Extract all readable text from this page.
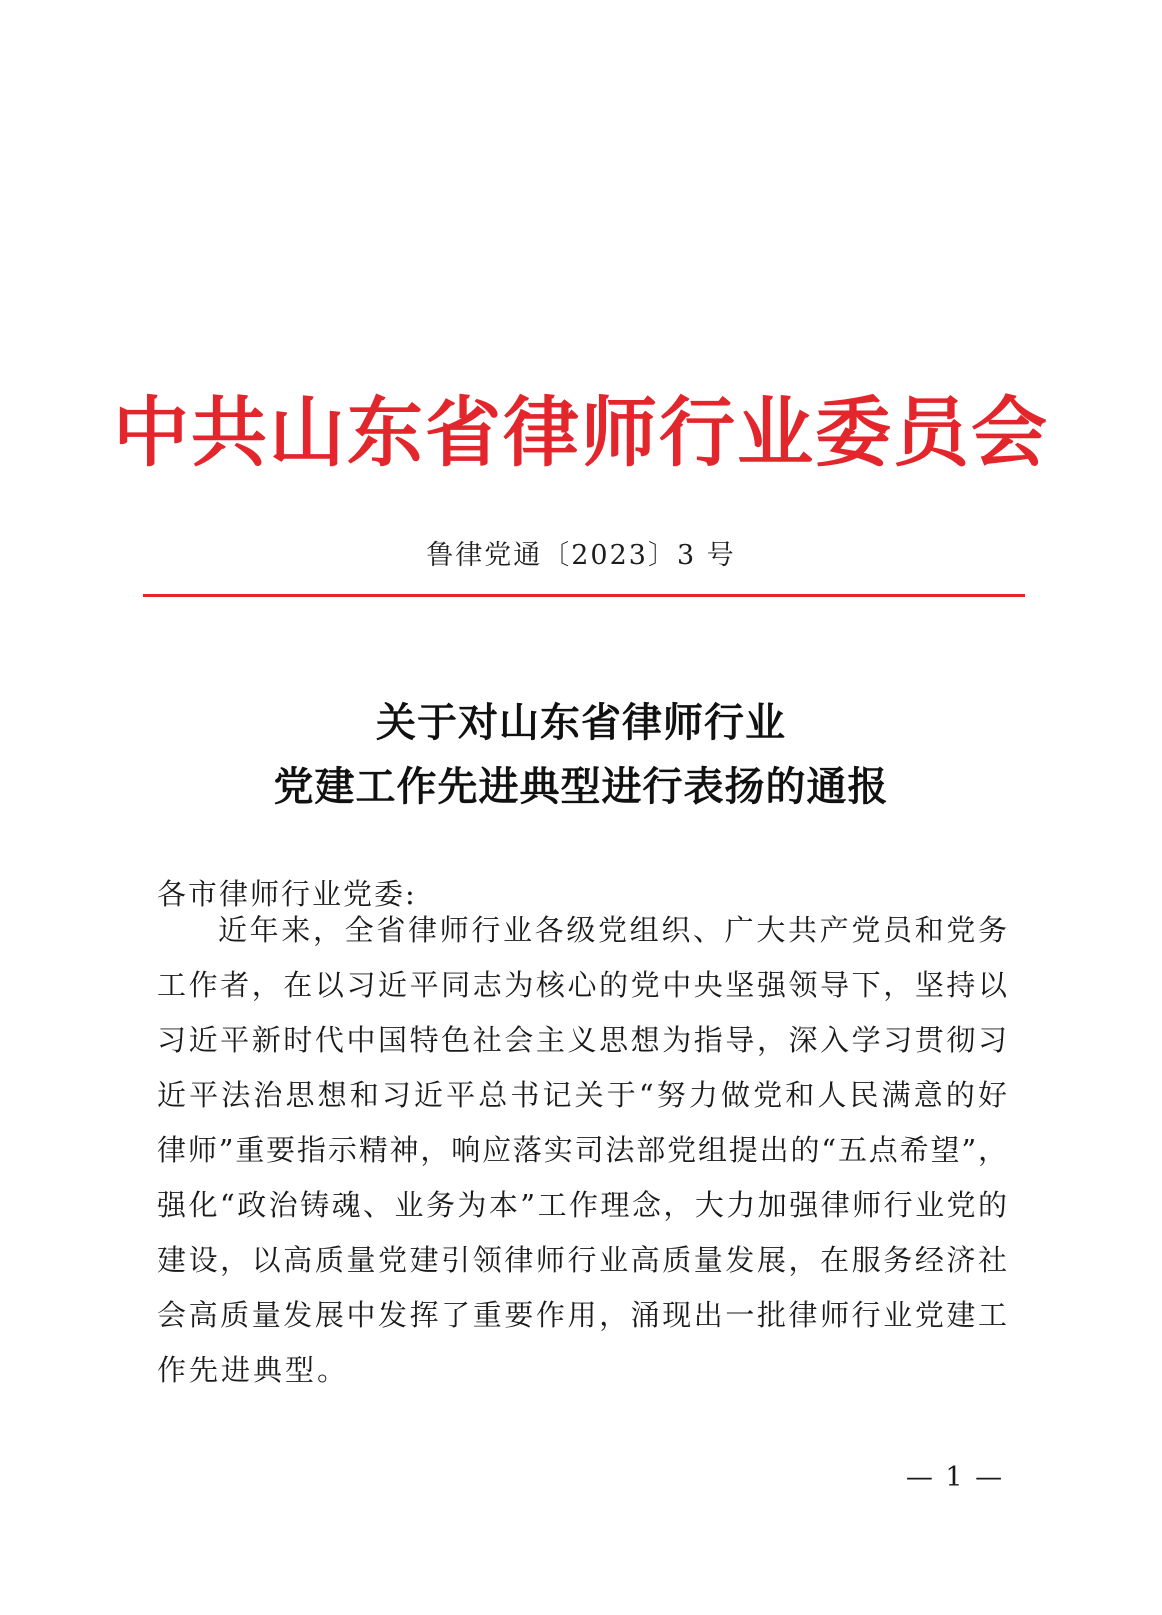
中共山东省律师行业委员会
鲁律党通〔2023〕3 号
关于对山东省律师行业
党建工作先进典型进行表扬的通报
各市律师行业党委:
近年来，全省律师行业各级党组织、广大共产党员和党务
工作者，在以习近平同志为核心的党中央坚强领导下，坚持以
习近平新时代中国特色社会主义思想为指导，深入学习贯彻习
近平法治思想和习近平总书记关于“努力做党和人民满意的好
律师”重要指示精神，响应落实司法部党组提出的“五点希望”，
强化“政治铸魂、业务为本”工作理念，大力加强律师行业党的
建设，以高质量党建引领律师行业高质量发展，在服务经济社
会高质量发展中发挥了重要作用，涌现出一批律师行业党建工
作先进典型。
— 1 —
